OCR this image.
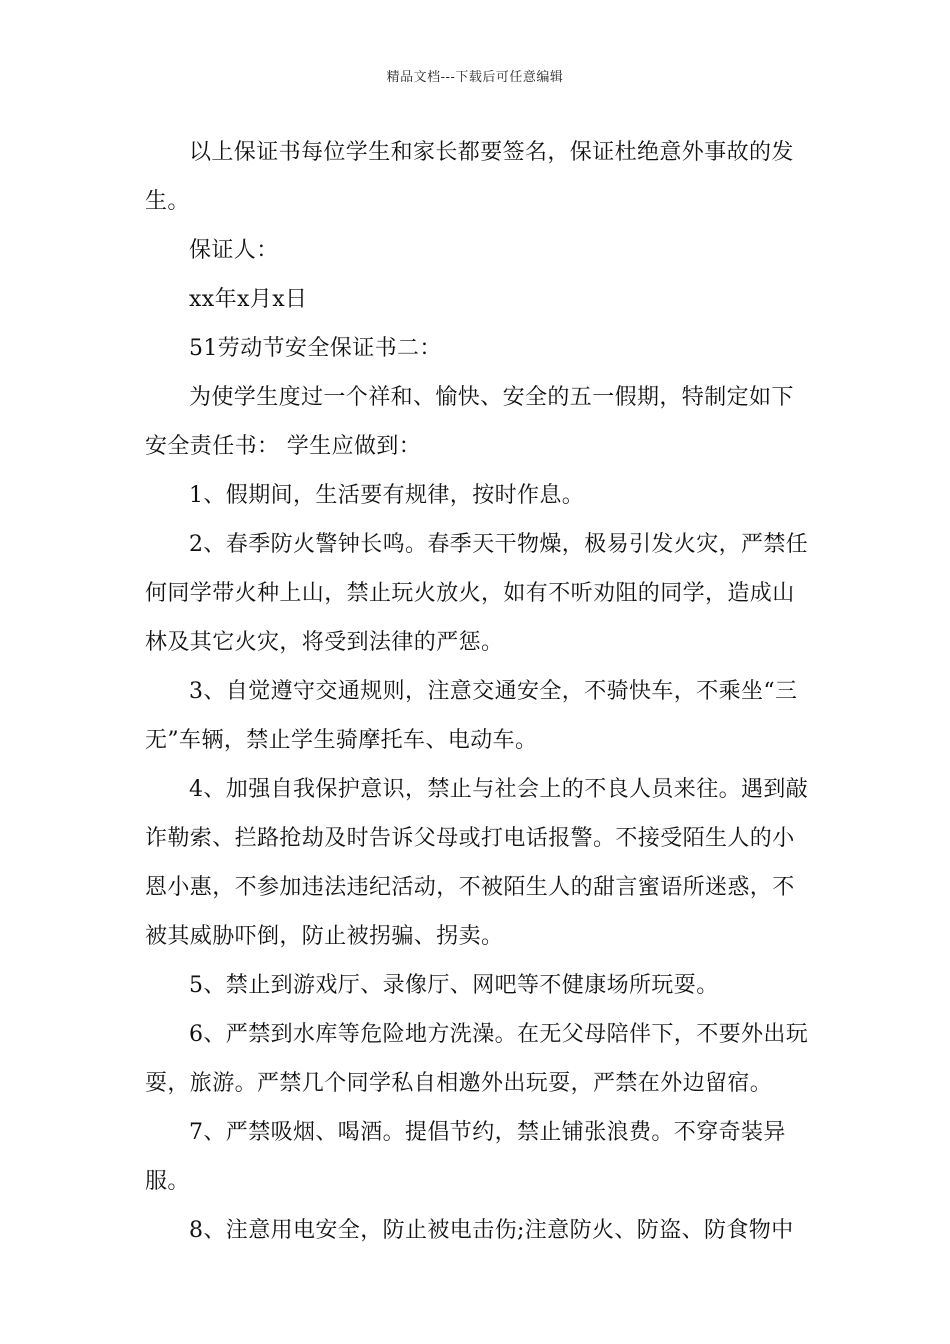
精品文档---下载后可任意编辑

以上保证书每位学生和家长都要签名，保证杜绝意外事故的发生。

保证人：

xx年x月x日

51劳动节安全保证书二：

为使学生度过一个祥和、愉快、安全的五一假期，特制定如下安全责任书： 学生应做到：

1、假期间，生活要有规律，按时作息。

2、春季防火警钟长鸣。春季天干物燥，极易引发火灾，严禁任何同学带火种上山，禁止玩火放火，如有不听劝阻的同学，造成山林及其它火灾，将受到法律的严惩。

3、自觉遵守交通规则，注意交通安全，不骑快车，不乘坐“三无”车辆，禁止学生骑摩托车、电动车。

4、加强自我保护意识，禁止与社会上的不良人员来往。遇到敲诈勒索、拦路抢劫及时告诉父母或打电话报警。不接受陌生人的小恩小惠，不参加违法违纪活动，不被陌生人的甜言蜜语所迷惑，不被其威胁吓倒，防止被拐骗、拐卖。

5、禁止到游戏厅、录像厅、网吧等不健康场所玩耍。

6、严禁到水库等危险地方洗澡。在无父母陪伴下，不要外出玩耍，旅游。严禁几个同学私自相邀外出玩耍，严禁在外边留宿。

7、严禁吸烟、喝酒。提倡节约，禁止铺张浪费。不穿奇装异服。

8、注意用电安全，防止被电击伤;注意防火、防盗、防食物中
